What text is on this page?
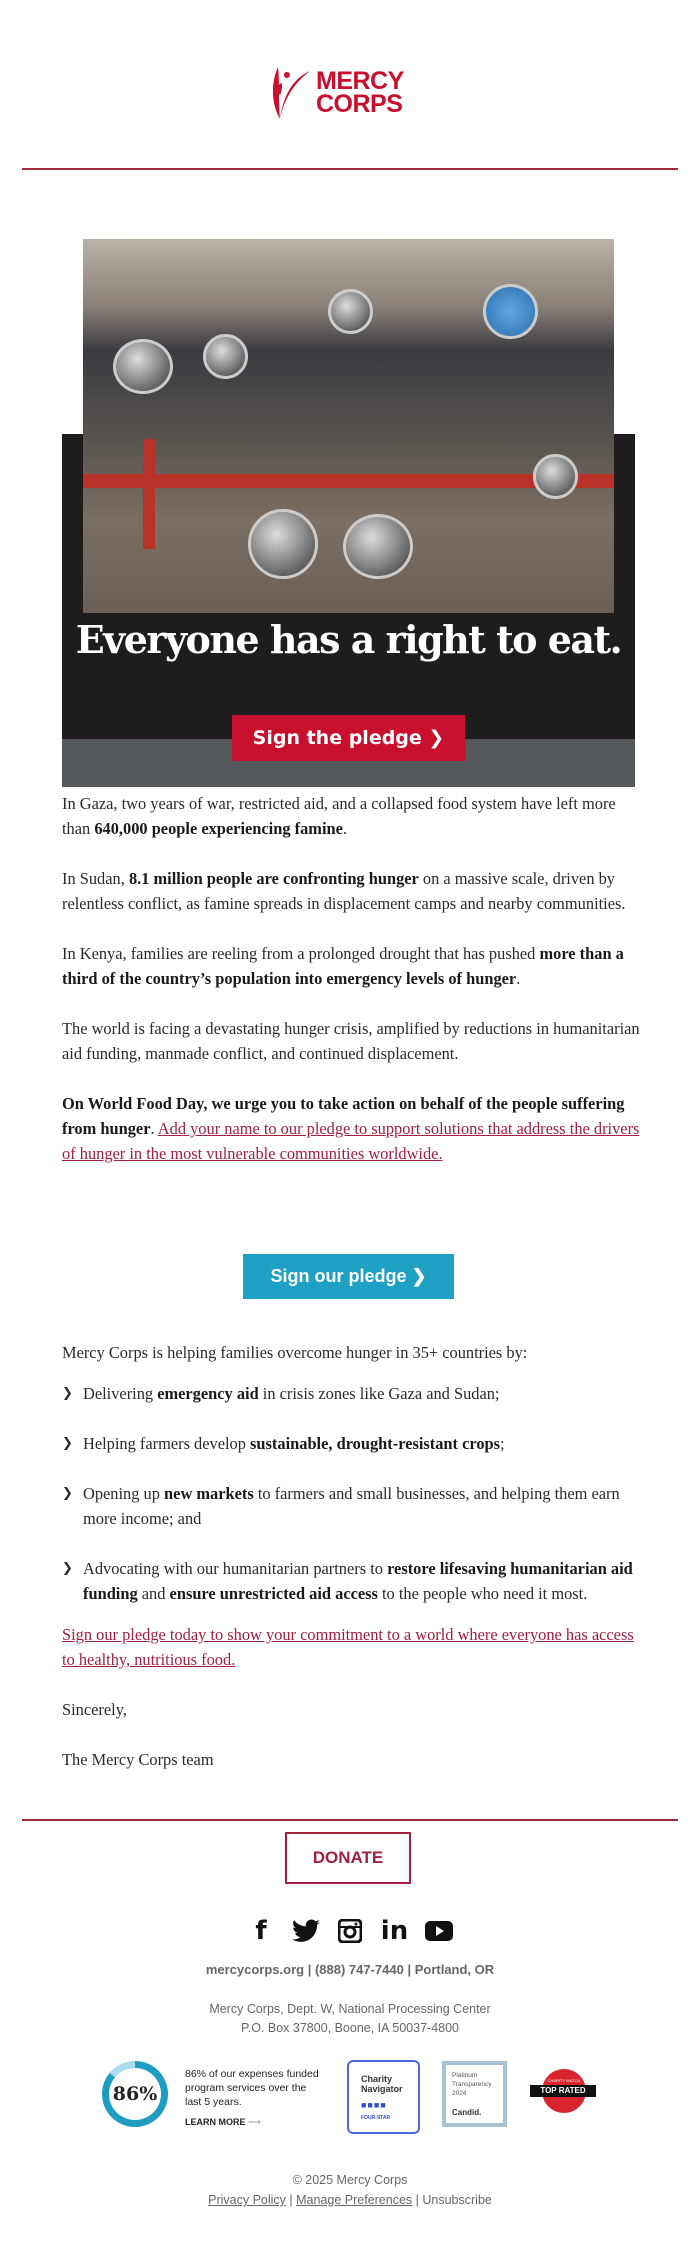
MERCY
CORPS
Everyone has a right to eat.
Sign the pledge ❯

In Gaza, two years of war, restricted aid, and a collapsed food system have left more than 640,000 people experiencing famine.

In Sudan, 8.1 million people are confronting hunger on a massive scale, driven by relentless conflict, as famine spreads in displacement camps and nearby communities.

In Kenya, families are reeling from a prolonged drought that has pushed more than a third of the country’s population into emergency levels of hunger.

The world is facing a devastating hunger crisis, amplified by reductions in humanitarian aid funding, manmade conflict, and continued displacement.

On World Food Day, we urge you to take action on behalf of the people suffering from hunger. Add your name to our pledge to support solutions that address the drivers of hunger in the most vulnerable communities worldwide.

Sign our pledge ❯

Mercy Corps is helping families overcome hunger in 35+ countries by:

❯ Delivering emergency aid in crisis zones like Gaza and Sudan;
❯ Helping farmers develop sustainable, drought-resistant crops;
❯ Opening up new markets to farmers and small businesses, and helping them earn more income; and
❯ Advocating with our humanitarian partners to restore lifesaving humanitarian aid funding and ensure unrestricted aid access to the people who need it most.

Sign our pledge today to show your commitment to a world where everyone has access to healthy, nutritious food.

Sincerely,

The Mercy Corps team

DONATE
f	in
mercycorps.org | (888) 747-7440 | Portland, OR
Mercy Corps, Dept. W, National Processing Center
P.O. Box 37800, Boone, IA 50037-4800
86%
86% of our expenses funded program services over the last 5 years.
LEARN MORE ⟶
Charity Navigator
■■■■
FOUR-STAR
Platinum Transparency 2024
Candid.
TOP RATED
CHARITY WATCH
© 2025 Mercy Corps
Privacy Policy | Manage Preferences | Unsubscribe
